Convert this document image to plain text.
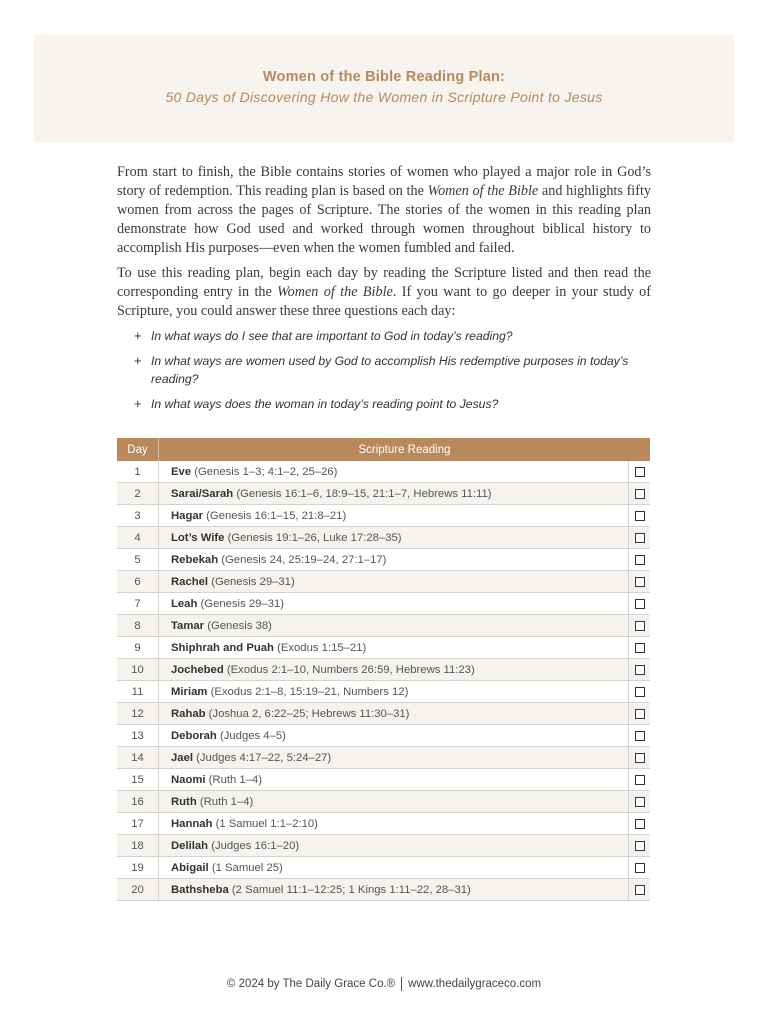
Women of the Bible Reading Plan:
50 Days of Discovering How the Women in Scripture Point to Jesus

From start to finish, the Bible contains stories of women who played a major role in God’s story of redemption. This reading plan is based on the Women of the Bible and highlights fifty women from across the pages of Scripture. The stories of the women in this reading plan demonstrate how God used and worked through women throughout biblical history to accomplish His purposes—even when the women fumbled and failed.

To use this reading plan, begin each day by reading the Scripture listed and then read the corresponding entry in the Women of the Bible. If you want to go deeper in your study of Scripture, you could answer these three questions each day:

+ In what ways do I see that are important to God in today’s reading?
+ In what ways are women used by God to accomplish His redemptive purposes in today’s reading?
+ In what ways does the woman in today’s reading point to Jesus?
Day	Scripture Reading	
1	Eve (Genesis 1–3; 4:1–2, 25–26)	
2	Sarai/Sarah (Genesis 16:1–6, 18:9–15, 21:1–7, Hebrews 11:11)	
3	Hagar (Genesis 16:1–15, 21:8–21)	
4	Lot’s Wife (Genesis 19:1–26, Luke 17:28–35)	
5	Rebekah (Genesis 24, 25:19–24, 27:1–17)	
6	Rachel (Genesis 29–31)	
7	Leah (Genesis 29–31)	
8	Tamar (Genesis 38)	
9	Shiphrah and Puah (Exodus 1:15–21)	
10	Jochebed (Exodus 2:1–10, Numbers 26:59, Hebrews 11:23)	
11	Miriam (Exodus 2:1–8, 15:19–21, Numbers 12)	
12	Rahab (Joshua 2, 6:22–25; Hebrews 11:30–31)	
13	Deborah (Judges 4–5)	
14	Jael (Judges 4:17–22, 5:24–27)	
15	Naomi (Ruth 1–4)	
16	Ruth (Ruth 1–4)	
17	Hannah (1 Samuel 1:1–2:10)	
18	Delilah (Judges 16:1–20)	
19	Abigail (1 Samuel 25)	
20	Bathsheba (2 Samuel 11:1–12:25; 1 Kings 1:11–22, 28–31)	
© 2024 by The Daily Grace Co.® www.thedailygraceco.com
